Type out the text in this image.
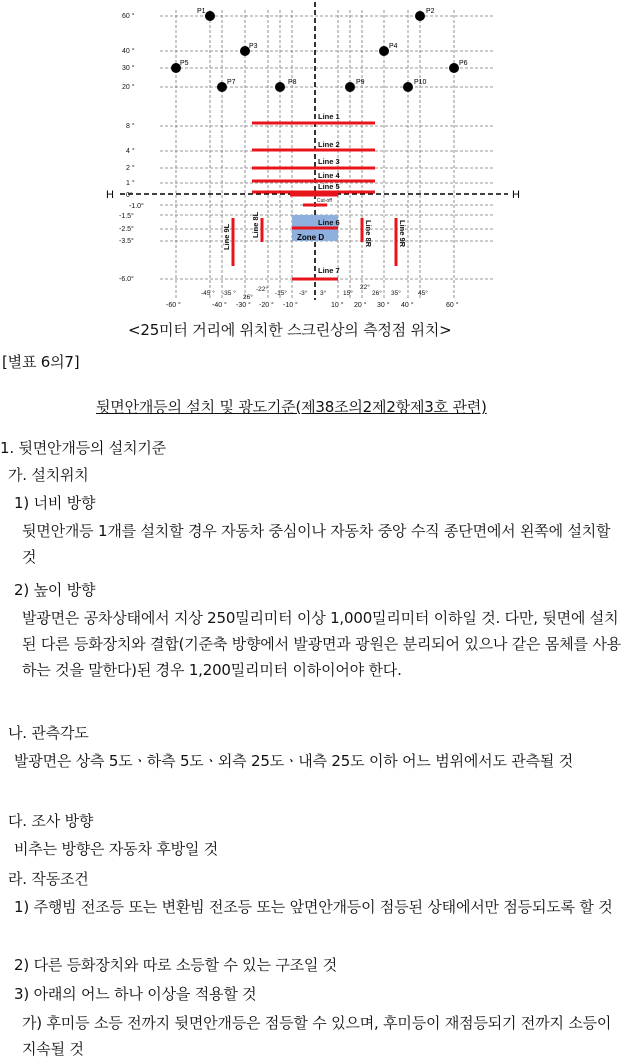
H	H
60 °
40 °
30 °
20 °
8 °
4 °
2 °
1 °
0°
-1.0°
-1.5°
-2.5°
-3.5°
-6.0°
-60 °	-40 ° -30 ° -20 ° -10 °	10 ° 20 ° 30 ° 40 °	60 °
-45 ° -35 °
-22°
-15°
26°
-3° 3°	15°
22°
26° 35°	45°
P1	P2
P3	P4
P5	P6
P7	P8	P9	P10
Zone D
Line 1
Line 2
Line 3
Line 4
Line 5
Line 6
Line 7
Cut-off
Line 9L	Line 8L	Line 8R	Line 9R
<25미터 거리에 위치한 스크린상의 측정점 위치>
[별표 6의7]
뒷면안개등의 설치 및 광도기준(제38조의2제2항제3호 관련)
1. 뒷면안개등의 설치기준
가. 설치위치
1) 너비 방향
뒷면안개등 1개를 설치할 경우 자동차 중심이나 자동차 중앙 수직 종단면에서 왼쪽에 설치할 것
2) 높이 방향
발광면은 공차상태에서 지상 250밀리미터 이상 1,000밀리미터 이하일 것. 다만, 뒷면에 설치된 다른 등화장치와 결합(기준축 방향에서 발광면과 광원은 분리되어 있으나 같은 몸체를 사용하는 것을 말한다)된 경우 1,200밀리미터 이하이어야 한다.
나. 관측각도
발광면은 상측 5도ㆍ하측 5도ㆍ외측 25도ㆍ내측 25도 이하 어느 범위에서도 관측될 것
다. 조사 방향
비추는 방향은 자동차 후방일 것
라. 작동조건
1) 주행빔 전조등 또는 변환빔 전조등 또는 앞면안개등이 점등된 상태에서만 점등되도록 할 것
2) 다른 등화장치와 따로 소등할 수 있는 구조일 것
3) 아래의 어느 하나 이상을 적용할 것
가) 후미등 소등 전까지 뒷면안개등은 점등할 수 있으며, 후미등이 재점등되기 전까지 소등이 지속될 것
